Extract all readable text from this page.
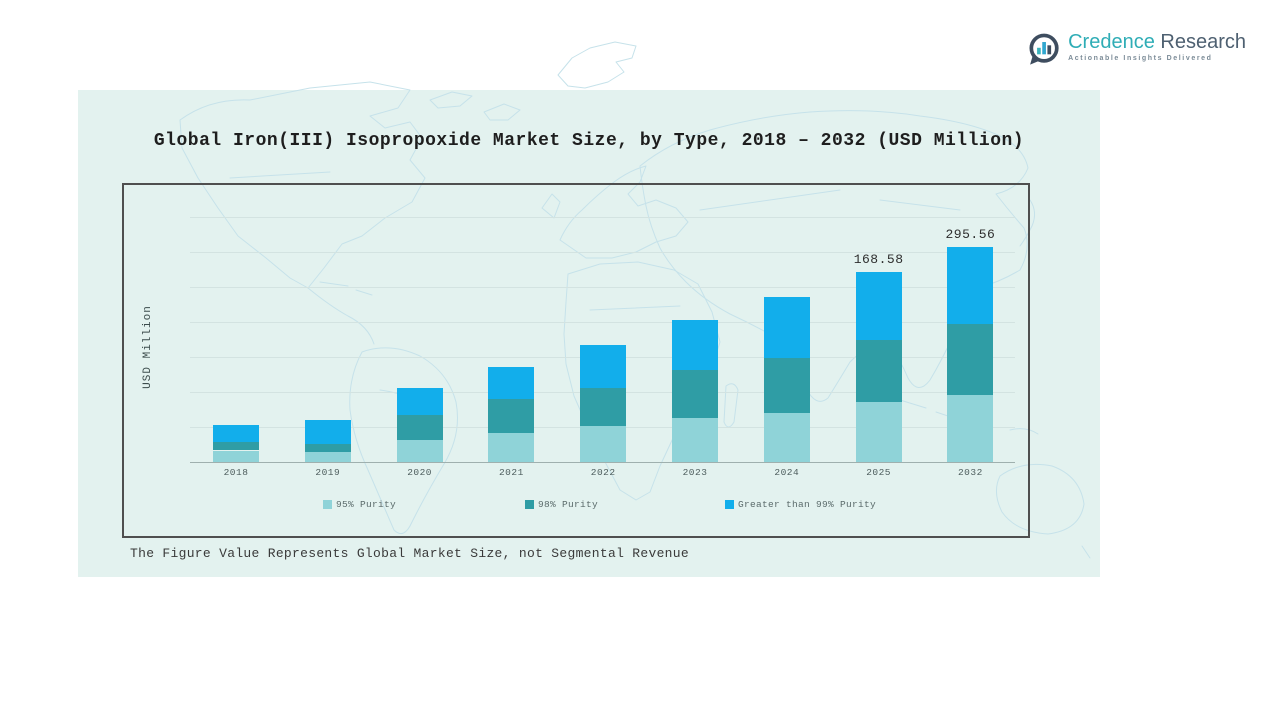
Global Iron(III) Isopropoxide Market Size, by Type, 2018 – 2032 (USD Million)
USD Million
2018	2019	2020	2021	2022	2023	2024	2025
168.58
2032
295.56
95% Purity	98% Purity	Greater than 99% Purity
The Figure Value Represents Global Market Size, not Segmental Revenue
Credence Research
Actionable Insights Delivered
